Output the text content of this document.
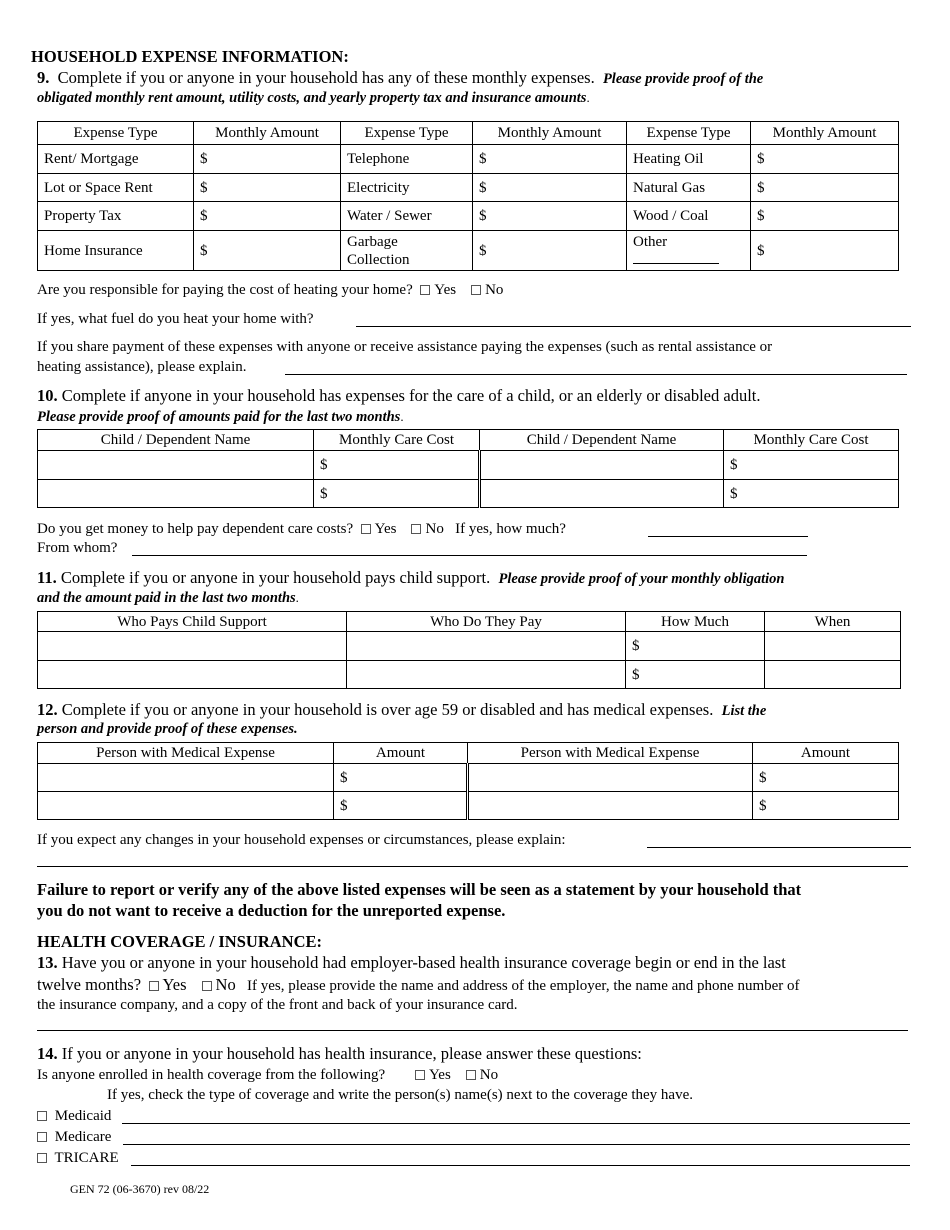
HOUSEHOLD EXPENSE INFORMATION:
9. Complete if you or anyone in your household has any of these monthly expenses. Please provide proof of the
obligated monthly rent amount, utility costs, and yearly property tax and insurance amounts.
Expense Type	Monthly Amount	Expense Type	Monthly Amount	Expense Type	Monthly Amount
Rent/ Mortgage	$	Telephone	$	Heating Oil	$
Lot or Space Rent	$	Electricity	$	Natural Gas	$
Property Tax	$	Water / Sewer	$	Wood / Coal	$
Home Insurance	$	Garbage
Collection	$	Other	$
Are you responsible for paying the cost of heating your home? Yes No
If yes, what fuel do you heat your home with?
If you share payment of these expenses with anyone or receive assistance paying the expenses (such as rental assistance or
heating assistance), please explain.
10. Complete if anyone in your household has expenses for the care of a child, or an elderly or disabled adult.
Please provide proof of amounts paid for the last two months.
Child / Dependent Name	Monthly Care Cost	Child / Dependent Name	Monthly Care Cost
	$		$
	$		$
Do you get money to help pay dependent care costs? Yes No If yes, how much?
From whom?
11. Complete if you or anyone in your household pays child support. Please provide proof of your monthly obligation
and the amount paid in the last two months.
Who Pays Child Support	Who Do They Pay	How Much	When
		$	
		$	
12. Complete if you or anyone in your household is over age 59 or disabled and has medical expenses. List the
person and provide proof of these expenses.
Person with Medical Expense	Amount	Person with Medical Expense	Amount
	$		$
	$		$
If you expect any changes in your household expenses or circumstances, please explain:
Failure to report or verify any of the above listed expenses will be seen as a statement by your household that
you do not want to receive a deduction for the unreported expense.
HEALTH COVERAGE / INSURANCE:
13. Have you or anyone in your household had employer-based health insurance coverage begin or end in the last
twelve months? Yes No If yes, please provide the name and address of the employer, the name and phone number of
the insurance company, and a copy of the front and back of your insurance card.
14. If you or anyone in your household has health insurance, please answer these questions:
Is anyone enrolled in health coverage from the following?	Yes No
If yes, check the type of coverage and write the person(s) name(s) next to the coverage they have.
Medicaid
Medicare
TRICARE
GEN 72 (06-3670) rev 08/22
